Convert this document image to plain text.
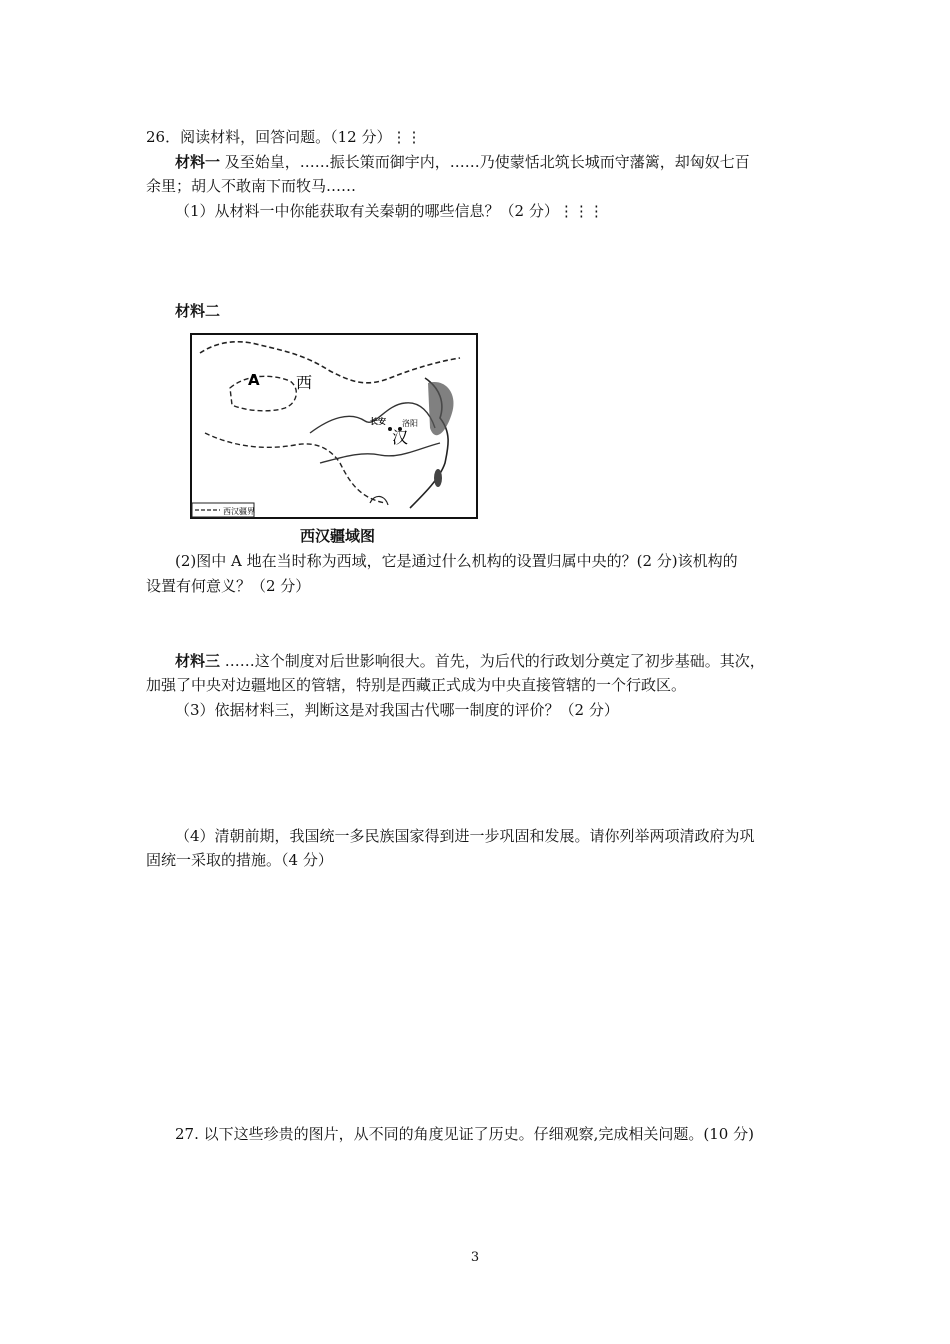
26．阅读材料，回答问题。（12 分）⋮⋮
材料一 及至始皇，……振长策而御宇内，……乃使蒙恬北筑长城而守藩篱，却匈奴七百
余里；胡人不敢南下而牧马……
（1）从材料一中你能获取有关秦朝的哪些信息？（2 分）⋮⋮⋮
材料二
西汉疆界
A 西
长安 洛阳
汉
西汉疆域图
(2)图中 A 地在当时称为西域，它是通过什么机构的设置归属中央的？(2 分)该机构的
设置有何意义？（2 分）
材料三 ……这个制度对后世影响很大。首先，为后代的行政划分奠定了初步基础。其次，
加强了中央对边疆地区的管辖，特别是西藏正式成为中央直接管辖的一个行政区。
（3）依据材料三，判断这是对我国古代哪一制度的评价？（2 分）
（4）清朝前期，我国统一多民族国家得到进一步巩固和发展。请你列举两项清政府为巩
固统一采取的措施。（4 分）
27. 以下这些珍贵的图片，从不同的角度见证了历史。仔细观察,完成相关问题。(10 分)
3
